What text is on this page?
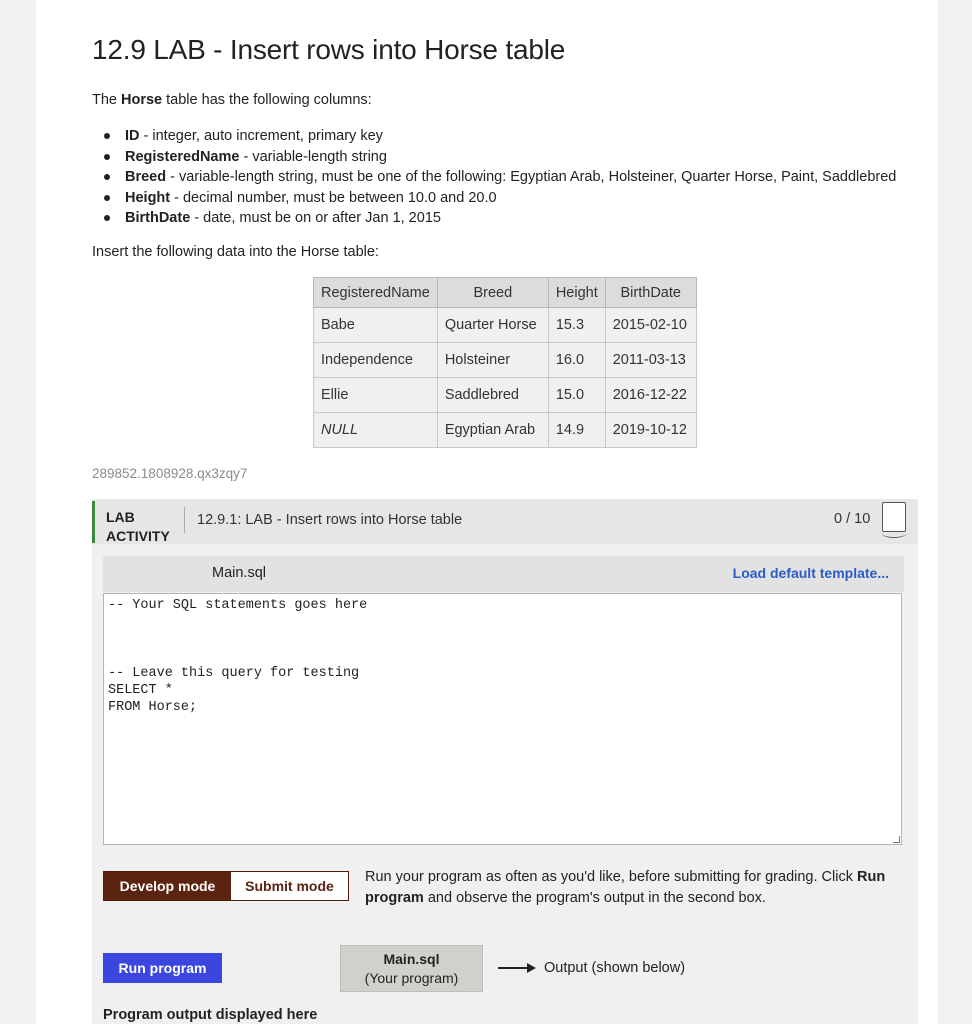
12.9 LAB - Insert rows into Horse table
The Horse table has the following columns:
ID - integer, auto increment, primary key
RegisteredName - variable-length string
Breed - variable-length string, must be one of the following: Egyptian Arab, Holsteiner, Quarter Horse, Paint, Saddlebred
Height - decimal number, must be between 10.0 and 20.0
BirthDate - date, must be on or after Jan 1, 2015
Insert the following data into the Horse table:
RegisteredName	Breed	Height	BirthDate
Babe	Quarter Horse	15.3	2015-02-10
Independence	Holsteiner	16.0	2011-03-13
Ellie	Saddlebred	15.0	2016-12-22
NULL	Egyptian Arab	14.9	2019-10-12
289852.1808928.qx3zqy7
LAB
ACTIVITY
12.9.1: LAB - Insert rows into Horse table	0 / 10
Main.sql	Load default template...
-- Your SQL statements goes here -- Leave this query for testing SELECT * FROM Horse;
Develop mode	Submit mode
Run your program as often as you'd like, before submitting for grading. Click Run program and observe the program's output in the second box.
Run program
Main.sql
(Your program)
Output (shown below)
Program output displayed here
